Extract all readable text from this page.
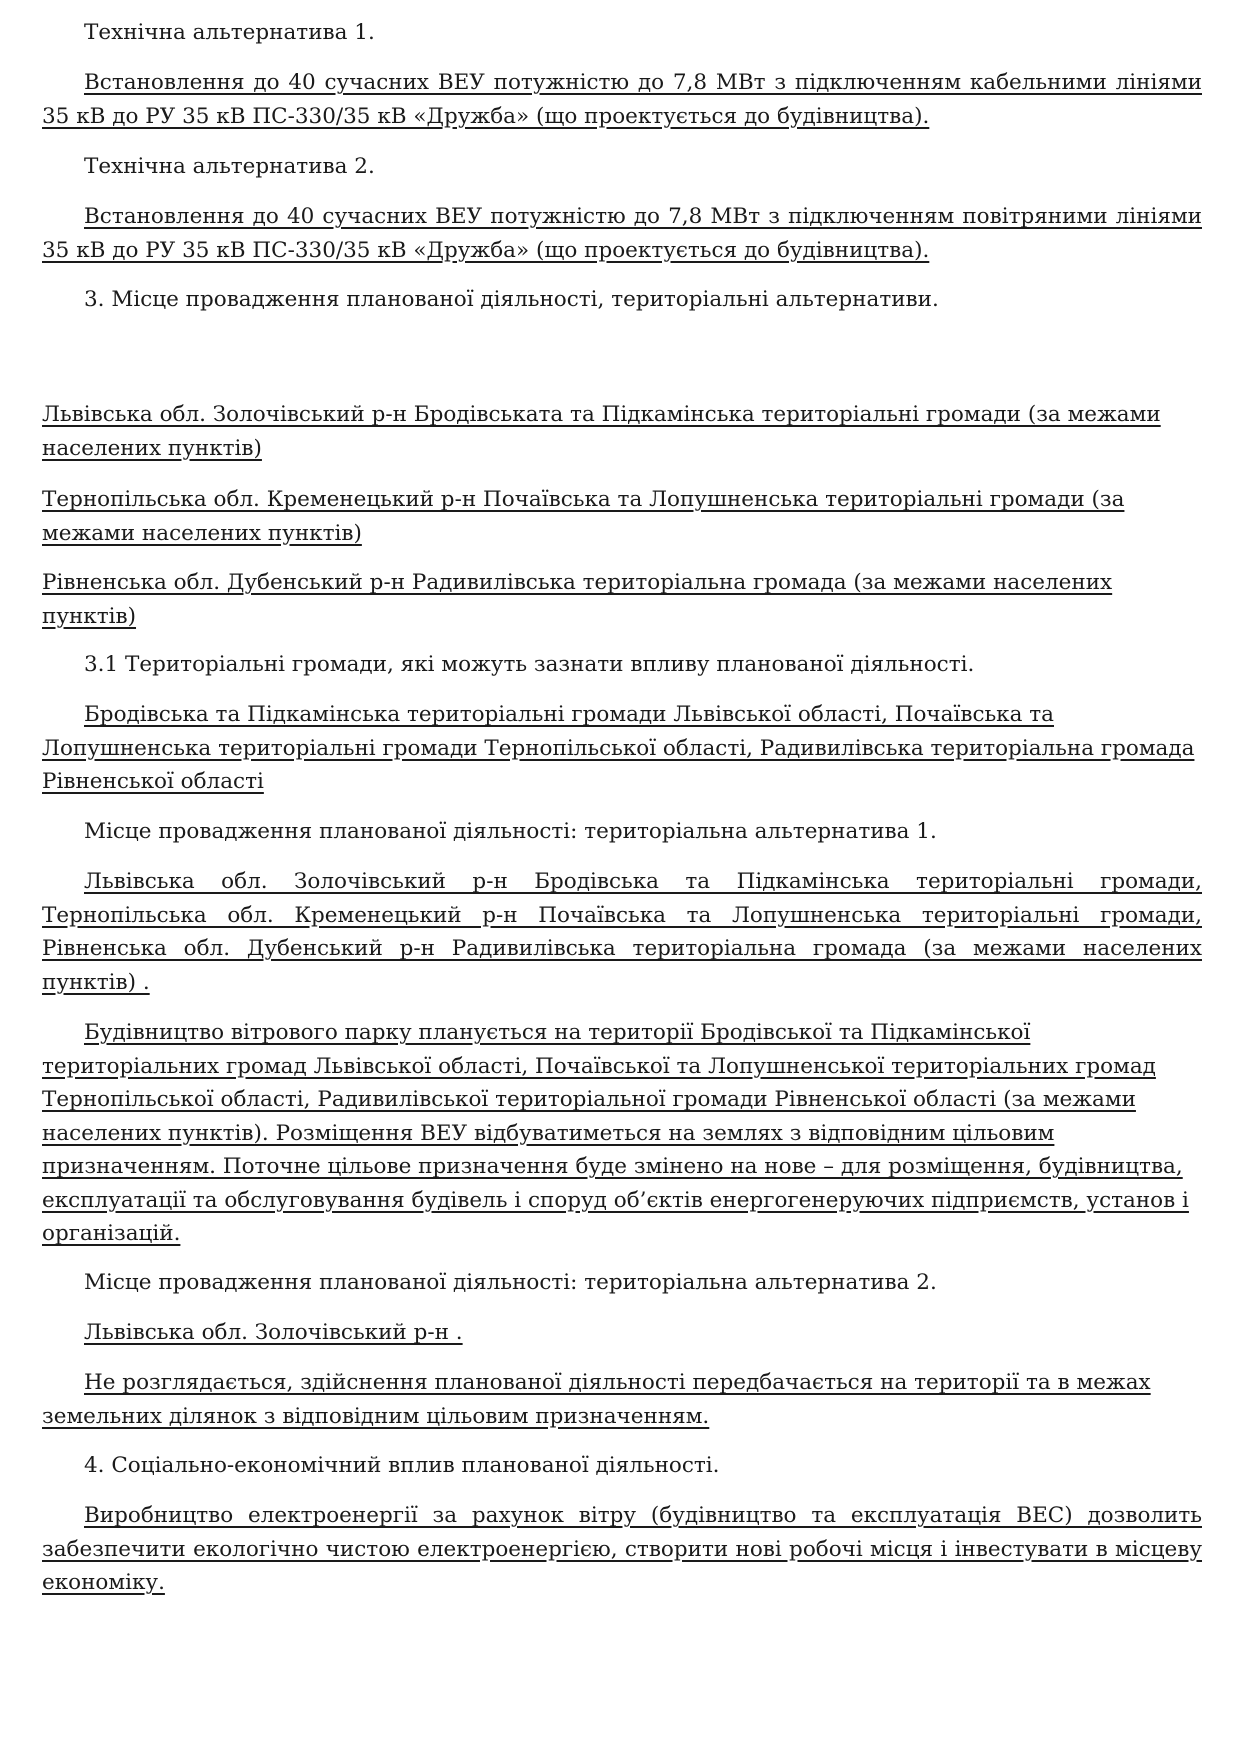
Технічна альтернатива 1.

Встановлення до 40 сучасних ВЕУ потужністю до 7,8 МВт з підключенням кабельними лініями 35 кВ до РУ 35 кВ ПС-330/35 кВ «Дружба» (що проектується до будівництва).

Технічна альтернатива 2.

Встановлення до 40 сучасних ВЕУ потужністю до 7,8 МВт з підключенням повітряними лініями 35 кВ до РУ 35 кВ ПС-330/35 кВ «Дружба» (що проектується до будівництва).

3. Місце провадження планованої діяльності, територіальні альтернативи.

Львівська обл. Золочівський р-н Бродівськата та Підкамінська територіальні громади (за межами населених пунктів)

Тернопільська обл. Кременецький р-н Почаївська та Лопушненська територіальні громади (за межами населених пунктів)

Рівненська обл. Дубенський р-н Радивилівська територіальна громада (за межами населених пунктів)

3.1 Територіальні громади, які можуть зазнати впливу планованої діяльності.

Бродівська та Підкамінська територіальні громади Львівської області, Почаївська та Лопушненська територіальні громади Тернопільської області, Радивилівська територіальна громада Рівненської області

Місце провадження планованої діяльності: територіальна альтернатива 1.

Львівська обл. Золочівський р-н Бродівська та Підкамінська територіальні громади, Тернопільська обл. Кременецький р-н Почаївська та Лопушненська територіальні громади, Рівненська обл. Дубенський р-н Радивилівська територіальна громада (за межами населених пунктів) .

Будівництво вітрового парку планується на території Бродівської та Підкамінської територіальних громад Львівської області, Почаївської та Лопушненської територіальних громад Тернопільської області, Радивилівської територіальної громади Рівненської області (за межами населених пунктів). Розміщення ВЕУ відбуватиметься на землях з відповідним цільовим призначенням. Поточне цільове призначення буде змінено на нове – для розміщення, будівництва, експлуатації та обслуговування будівель і споруд об’єктів енергогенеруючих підприємств, установ і організацій.

Місце провадження планованої діяльності: територіальна альтернатива 2.

Львівська обл. Золочівський р-н .

Не розглядається, здійснення планованої діяльності передбачається на території та в межах земельних ділянок з відповідним цільовим призначенням.

4. Соціально-економічний вплив планованої діяльності.

Виробництво електроенергії за рахунок вітру (будівництво та експлуатація ВЕС) дозволить забезпечити екологічно чистою електроенергією, створити нові робочі місця і інвестувати в місцеву економіку.
